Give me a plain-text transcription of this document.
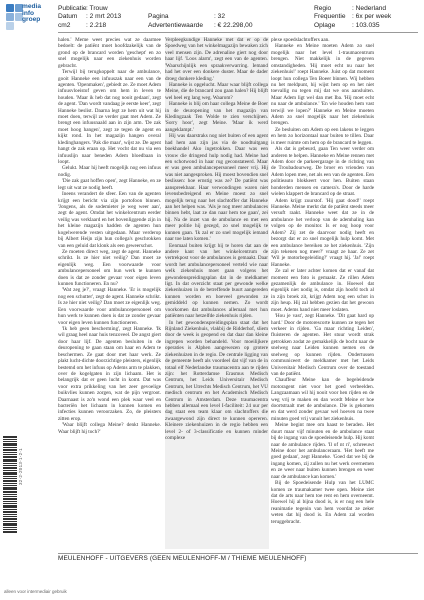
media
info
groep
Publicatie : Trouw
Datum	: 2 mrt 2013
cm2	: 2.218

Pagina	: 32
Advertentiewaarde	: € 22.298,00
Regio	: Nederland
Frequentie : 6x per week
Oplage	: 103.035

halen.' Meme weet precies wat ze daarmee bedoelt: de patiënt moet hoofdzakelijk van de grond op de brancard worden 'geschept' en zo snel mogelijk naar een ziekenhuis worden gebracht.

Terwijl bij terugkoppelt naar de ambulance, gooit Hanneke een infuuszak naar een van de agenten. 'Openmaken', gebiedt ze. Ze moet Adem infuusvloeistof geven om hem in leven te houden. 'Maar ik heb dat nog nooit gedaan', zegt de agent. 'Dan wordt vandaag je eerste keer', zegt Hanneke beslist. Daarna legt ze hem uit wat hij moet doen, terwijl ze verder gaat met Adem. Ze brengt een infuusnaald aan in zijn arm. 'De zak moet hoog hangen', zegt ze tegen de agent en kijkt rond. In het magazijn hangen overal kledinghangers. 'Pak die maar', wijst ze. De agent hangt de zak eraan op. Het vocht dat nu via een infuuslijn naar beneden Adem bloedbaan in loopt.

Gelukt. Maar hij heeft mogelijk nog een infuus nodig.

'Die zak gaat hoffen open', zegt Hanneke, en ze legt uit wat ze nodig heeft.

Ineens verandert de sfeer. Een van de agenten krijgt een bericht via zijn portofoon binnen. 'Jongens, als de sodemieter je weg weer aan', zegt de agent. Omdat het winkelcentrum eerder veilig was verklaard en het bovenliggende zijn in het kleine magazijn hadden de agenten hun kogelwerende vesten uitgedaan. Maar verderop bij Albert Heijn zijn hun collega's geschrokken van een geluid dat klonk als een geweerschot.

Ze moeten direct weg, zegt de agent. Hanneke schrikt. Is ze hier niet veilig? Dan moet ze eigenlijk weg. Een voorwaarde voor ambulancepersoneel om hun werk te kunnen doen is dat ze zonder gevaar voor eigen leven kunnen functioneren. En nu?

'Wat zeg je?', vraagt Hanneke. 'Er is mogelijk nog een schutter', zegt de agent. Hanneke schrikt. Is ze hier niet veilig? Dan moet ze eigenlijk weg. Een voorwaarde voor ambulancepersoneel om hun werk te kunnen doen is dat ze zonder gevaar voor eigen leven kunnen functioneren.

'Ik heb geen bescherming', zegt Hanneke. 'Ik wil graag heel naar huis tenzoveel. De angst giert door haar lijf. De agenten besluiten in de deuropening te gaan staan om haar en Adem te beschermen. Ze gaat door met haar werk. Ze plakt lucht-dichte doorzichtige pleisters, eigenlijk bestemd om het infuus op Adems arm te plakken, over de kogelgaten in zijn lichaam. Het is belangrijk dat er geen lucht in komt. Dat was voor extra prikkeling van het zeer gevoelige buikvlies kunnen zorgen, wat de pijn vergroot. Daarnaast is zo'n wond een plek waar veel en bacteriën het lichaam in kunnen komen en infecties kunnen veroorzaken. Zo, de pleisters zitten erop.

'Waar blijft collega Meine? denkt Hanneke. Waar blijft hij toch?'

Verpleegkundige Hanneke met dat er op de Spoedweg van het winkelmagazijn bewaken zich veel mensen zijn. De adrenaline giert nog door haar lijf. 'Loos alarm', zegt een van de agenten. 'Waarschijnlijk een spraakverwarring. Iemand had het over een donkere duster. Maar de dader droeg donkere kleding.'

Hanneke is opgelucht. Maar waar blijft collega Meine, die de brancard zou gaan halen? Hij blijft wel heel erg lang weg. Waarom?

Hanneke is blij om haar collega Meine de Boer in de deuropening van het magazijn van Kledingzaak Ten Wolde te zien verschijnen. 'Sorry hoor', zegt Meine. 'Maar ik werd aangeklampt.'

Hij was daarstraks nog niet buiten of een agent had hem aan zijn jas via de noodtuitgang boekhandel Ako ingetrokken. Daar was een vrouw die dringend hulp nodig had. Meine had een schotwond in haar rug geconstateerd. Maar er was geen ambulancepersoneel meer vrij. Hij was niet aangesproken. Hij moest bovendien snel beslissen: hoe ernstig was ze? De patiënt was aanspreekbaar. Haar verwondingen waren niet levensbedreigend en Meine moest zo snel mogelijk terug naar het slachtoffer dat Hanneke aan het helpen was. 'Als je nog meer ambulances binnen hebt, laat ze dan naar hem toe gaan', zei hij. Na de inzet van de ambulance en met een meer politie hij gezegd, zo snel mogelijk te kunnen gaan. 'Ik zal er zo snel mogelijk iemand naar toe laten komen.'

Eenmaal buiten krijgt hij te horen dat aan de andere kant van het winkelcentrum de vertrekpost voor de ambulances is gemaakt. Daar wordt het ambulancepersoneel verteld wie naar welk ziekenhuis moet gaan volgens het gewondenspreidingsplan dat in de meldkamer ligt. In dat overzicht staat per gewonde welke ziekenhuizen in de betreffende buurt aangereden kunnen worden en hoeveel gewonden ze gemiddeld op kunnen nemen. Zo wordt voorkomen dat ambulances allemaal met hun patiënten naar hetzelfde ziekenhuis rijden.

In het gewondenspreidingsplan staat dat het Rijnland Ziekenhuis, vlakbij de Ridderhof, sliem door de week is geopend en dat daar dan kleine ingrepen worden behandeld. Voor moeilijkere operaties is Alphen aangewezen op grotere ziekenhuizen in de regio. De centrale ligging van de gemeente heeft als voordeel dat vijf van de in totaal elf Nederlandse traumacentra aan te rijden zijn: het Rotterdamse Erasmus Medisch Centrum, het Leids Universitair Medisch Centrum, het Utrechts Medisch Centrum, het VU medisch centrum en het Academisch Medisch Centrum in Amsterdam. Deze traumacentra hebben allemaal een level I-faciliteit: 24 uur per dag staat een team klaar om slachtoffers die zwaargewond zijn direct te kunnen opereren. Kleinere ziekenhuizen in de regio hebben een level 2- of 3-classificatie en kunnen minder complexe

plexe spoedslachtoffers aan.

Hanneke en Meine moeten Adem zo snel mogelijk naar het level 1-traumacentrum brengen. Niet makkelijk in de gegeven omstandigheden. 'Hij moet echt nu naar het ziekenhuis!' roept Hanneke. Juist op dat moment loopt hun collega Ten Boeer binnen. Wij hebben nu het meldpunt, hij wijst hem op en het niet toevallig nu tegen mij dat we ons aansluiten. Maar Adem ligt wel dan met Iba. 'Hij moet echt nu naar de ambulance.' 'En wie houden hem vast terwijl we lopen?' Hanneke en Meine moeten Adem zo snel mogelijk naar het ziekenhuis brengen.

Ze besluiten om Adem op een lakens te leggen en hem zo horizontaal naar buiten te tillen. Daar is meer ruimte om hem op de brancard te leggen.

Als dat is gebeurd, gaan Ten weer verder om anderen te helpen. Hanneke en Meine rennen met Adem door de parkeergarage in de richting van de Troubadourweg. De broer en vrienden van Adem lopen mee, net als een van de agenten. Een politieauto blokkeert voor hen. Buiten staan honderden mensen en camera's. Door de harde wielen klappert de brancard op de straat.

Adem krijgt zuurstof. 'Hij gaat dood!' roept Hanneke. Meine merkt dat de patiënt steeds meer versuft raakt. Hanneke weet dat ze in de ambulance het verloop van de ademhaling kan volgen op de monitor. Is er nog hoop voor Adem? Zij zet de daarvoor nodig heeft en bezorgt dat er zo snel mogelijk hulp komt. Met een ambulance bereiken ze het ziekenhuis. 'Zijn zijn tekenen nog meer?' vraagt ze haar. Ze zet 'Wil je motorbegeleiding?' vraagt hij. 'Ja!' roept Hanneke.

Ze zal er later achter komen dat er vanaf dat moment een foto is gemaakt. Ze rillen Adem gezamenlijk de ambulance in. Hoewel dat eigenlijk niet nodig is, omdat zijn hoofd toch al in zijn broek zit, krijgt Adem nog een schot in zijn heup. Hij zal hebben gezien dat het gewoon moet. Adems hand niet meer loslaten.

'Hou je vast', zegt Hanneke. 'Dit gaat hard op hard.' Door de motorescorte kunnen ze tegen het verkeer in rijden. 'Ga maar richting Leiden', fluisteren de agenten. Het stuur wordt strak getrokken zodat ze gemakkelijk de bocht naar de snelweg naar Leiden kunnen nemen en de snelweg op kunnen rijden. Ondertussen communiceert de meldkamer met het Leids Universitair Medisch Centrum over de toestand van de patiënt.

Chauffeur Meine kan de begeleidende motoragent niet voor het goed verbeelden. Langzaamaan wil hij nooit voor hen rijden en de weg vrij te maken en dan wordt Meine er hoe doortstraalt met de ambulance. Die is gekomen en dat werd zonder gevaar wel hoeven na twee minuten goed vrij vanuit het ziekenhuis.

Meine begint mee om haast te beraden. Het duurt maar vijf minuten en de ambulance staat bij de ingang van de spoedeisende hulp. Hij komt naar de ambulance rijden. 'Il of nt ri', schreeuwt Meine door het ambulanceraam. 'Het heeft me goed gedaan', zegt Hanneke. 'Goed dat we bij de ingang komen, zij zullen nu het werk overnemen en ze weer naar buiten kunnen brengen en weer naar de ambulance kan komen.'

Bij de Spoedeisende Hulp van het LUMC komen ze traumakamer twee open. Meine ziet dat de arts naar hem toe rent en hem overneemt. Hoewel hij al bijna dood is, is er nog een hele reanimatie tegenin van hem voordat ze zeker weten dat hij dood is. En Adem zal worden teruggebracht.

32-2-2013-1-2-1
MEULENHOFF - UITGEVERS (GEEN MEULENHOFF-M / THIEME MEULENHOFF)
alleen voor intermediair gebruik
